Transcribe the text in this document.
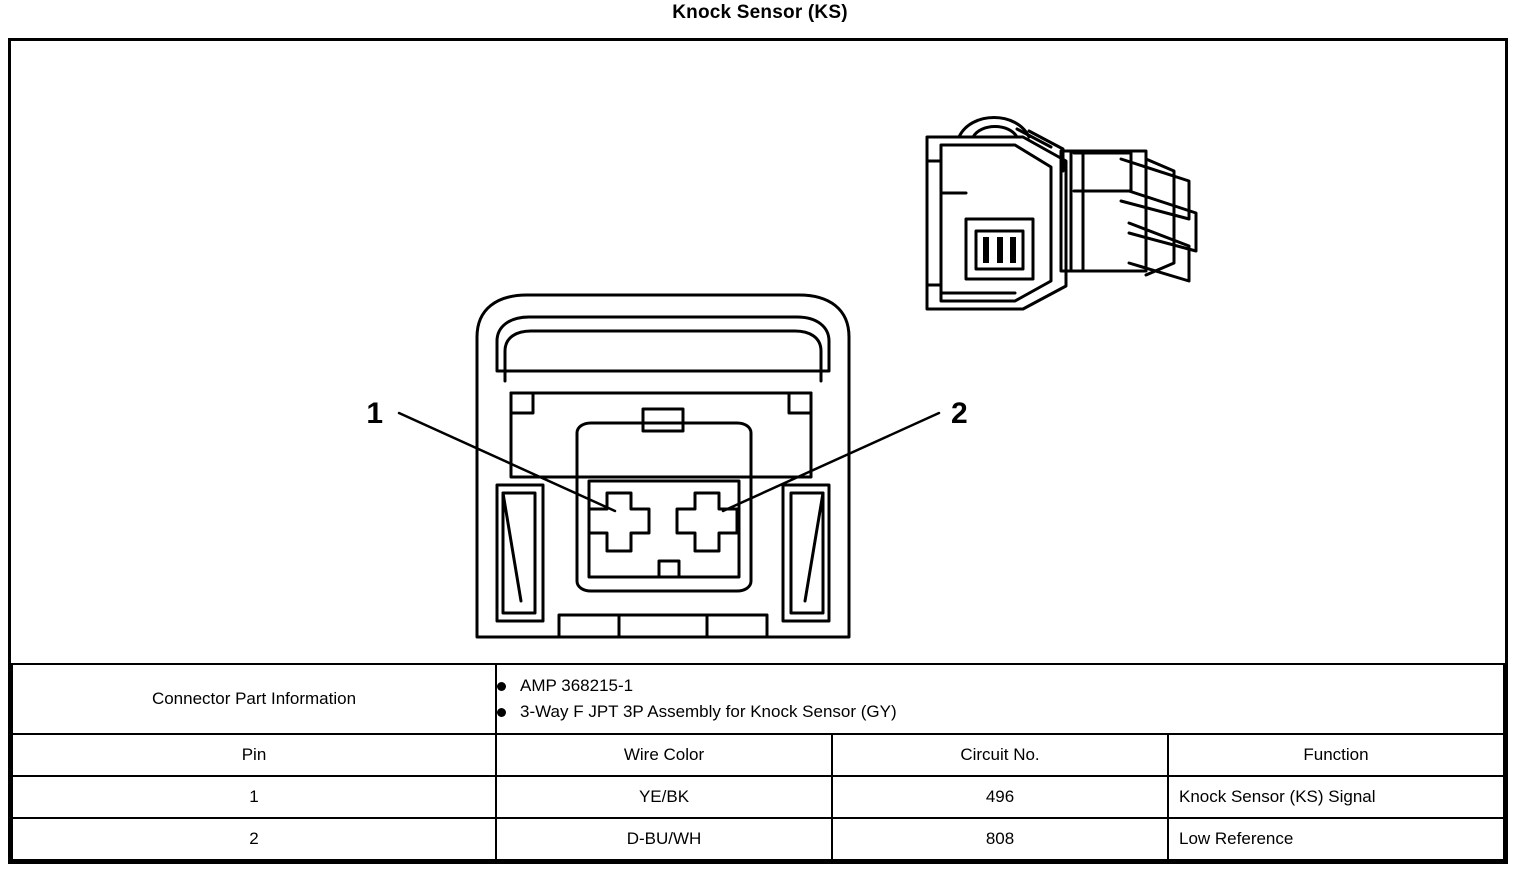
Knock Sensor (KS)
1	2
Connector Part Information	AMP 368215-1
3-Way F JPT 3P Assembly for Knock Sensor (GY)		

Pin	Wire Color	Circuit No.	Function
1	YE/BK	496	Knock Sensor (KS) Signal
2	D-BU/WH	808	Low Reference
